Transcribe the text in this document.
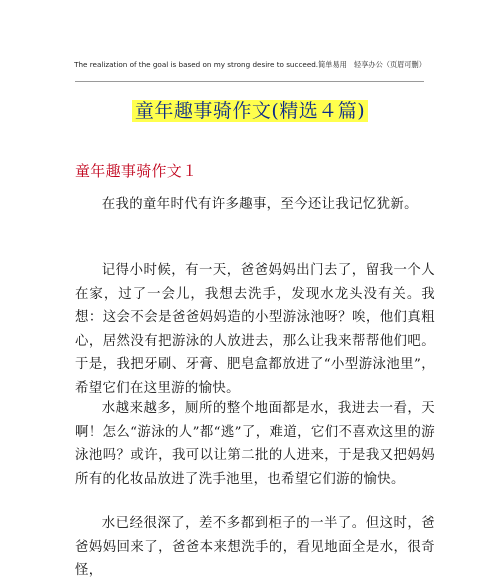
The realization of the goal is based on my strong desire to succeed.简单易用　轻享办公（页眉可删）
童年趣事骑作文(精选４篇)
童年趣事骑作文１

在我的童年时代有许多趣事，至今还让我记忆犹新。

记得小时候，有一天，爸爸妈妈出门去了，留我一个人在家，过了一会儿，我想去洗手，发现水龙头没有关。我想：这会不会是爸爸妈妈造的小型游泳池呀？唉，他们真粗心，居然没有把游泳的人放进去，那么让我来帮帮他们吧。于是，我把牙刷、牙膏、肥皂盒都放进了“小型游泳池里”，希望它们在这里游的愉快。

水越来越多，厕所的整个地面都是水，我进去一看，天啊！怎么“游泳的人”都“逃”了，难道，它们不喜欢这里的游泳池吗？或许，我可以让第二批的人进来，于是我又把妈妈所有的化妆品放进了洗手池里，也希望它们游的愉快。

水已经很深了，差不多都到柜子的一半了。但这时，爸爸妈妈回来了，爸爸本来想洗手的，看见地面全是水，很奇怪，
